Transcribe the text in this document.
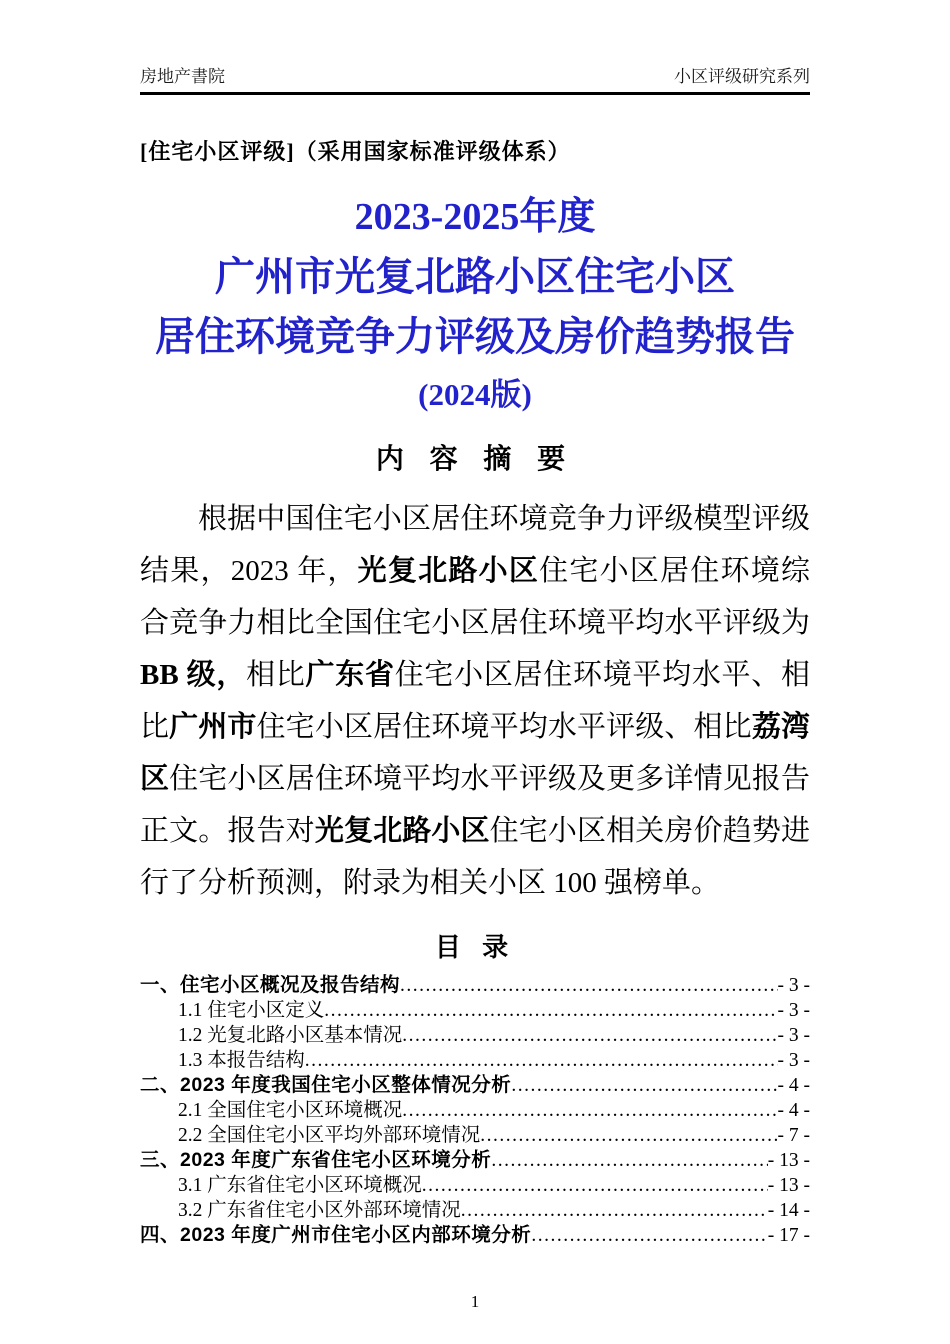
房地产書院	小区评级研究系列
[住宅小区评级]（采用国家标准评级体系）
2023-2025年度
广州市光复北路小区住宅小区
居住环境竞争力评级及房价趋势报告
(2024版)
内 容 摘 要

根据中国住宅小区居住环境竞争力评级模型评级结果，2023 年，光复北路小区住宅小区居住环境综合竞争力相比全国住宅小区居住环境平均水平评级为BB 级，相比广东省住宅小区居住环境平均水平、相比广州市住宅小区居住环境平均水平评级、相比荔湾区住宅小区居住环境平均水平评级及更多详情见报告正文。报告对光复北路小区住宅小区相关房价趋势进行了分析预测，附录为相关小区 100 强榜单。

目 录
一、住宅小区概况及报告结构 .....	- 3 -
1.1 住宅小区定义 .....	- 3 -
1.2 光复北路小区基本情况 .....	- 3 -
1.3 本报告结构 .....	- 3 -
二、2023 年度我国住宅小区整体情况分析 .....	- 4 -
2.1 全国住宅小区环境概况 .....	- 4 -
2.2 全国住宅小区平均外部环境情况 .....	- 7 -
三、2023 年度广东省住宅小区环境分析 .....	- 13 -
3.1 广东省住宅小区环境概况 .....	- 13 -
3.2 广东省住宅小区外部环境情况 .....	- 14 -
四、2023 年度广州市住宅小区内部环境分析 .....	- 17 -
1
